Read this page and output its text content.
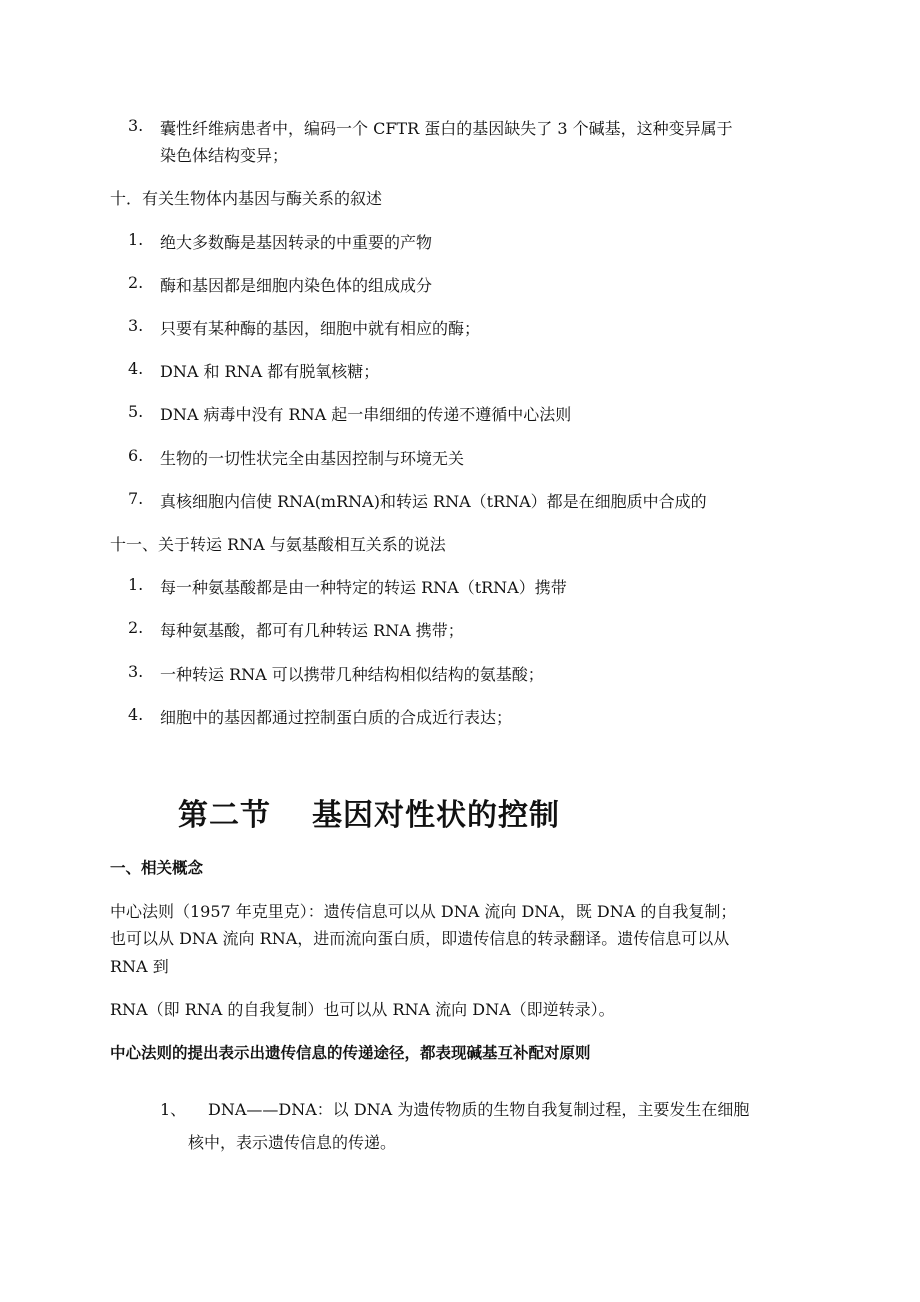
3. 囊性纤维病患者中，编码一个 CFTR 蛋白的基因缺失了 3 个碱基，这种变异属于
染色体结构变异；
十．有关生物体内基因与酶关系的叙述
1. 绝大多数酶是基因转录的中重要的产物
2. 酶和基因都是细胞内染色体的组成成分
3. 只要有某种酶的基因，细胞中就有相应的酶；
4. DNA 和 RNA 都有脱氧核糖；
5. DNA 病毒中没有 RNA 起一串细细的传递不遵循中心法则
6. 生物的一切性状完全由基因控制与环境无关
7. 真核细胞内信使 RNA(mRNA)和转运 RNA（tRNA）都是在细胞质中合成的
十一、关于转运 RNA 与氨基酸相互关系的说法
1. 每一种氨基酸都是由一种特定的转运 RNA（tRNA）携带
2. 每种氨基酸，都可有几种转运 RNA 携带；
3. 一种转运 RNA 可以携带几种结构相似结构的氨基酸；
4. 细胞中的基因都通过控制蛋白质的合成近行表达；
第二节 基因对性状的控制
一、相关概念
中心法则（1957 年克里克）：遗传信息可以从 DNA 流向 DNA，既 DNA 的自我复制；
也可以从 DNA 流向 RNA，进而流向蛋白质，即遗传信息的转录翻译。遗传信息可以从
RNA 到
RNA（即 RNA 的自我复制）也可以从 RNA 流向 DNA（即逆转录）。
中心法则的提出表示出遗传信息的传递途径，都表现碱基互补配对原则
1、 DNA——DNA：以 DNA 为遗传物质的生物自我复制过程，主要发生在细胞
核中，表示遗传信息的传递。
